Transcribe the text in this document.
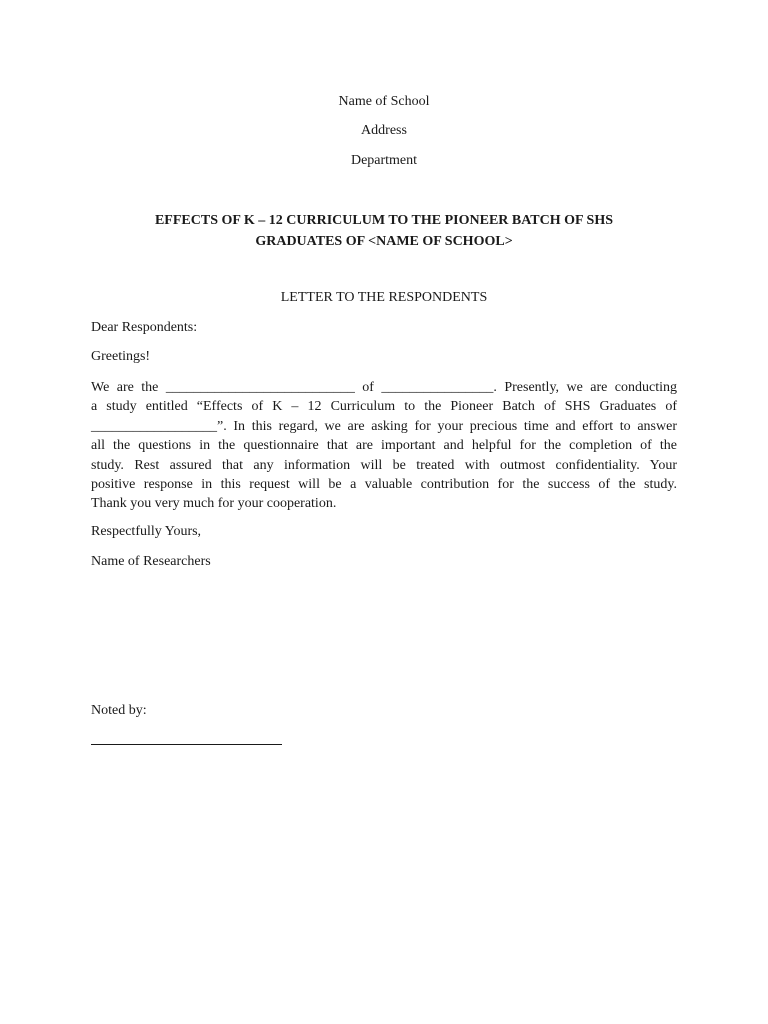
Name of School
Address
Department
EFFECTS OF K – 12 CURRICULUM TO THE PIONEER BATCH OF SHS
GRADUATES OF <NAME OF SCHOOL>
LETTER TO THE RESPONDENTS
Dear Respondents:
Greetings!
We are the ___________________________ of ________________. Presently, we are conducting
a study entitled “Effects of K – 12 Curriculum to the Pioneer Batch of SHS Graduates of
__________________”. In this regard, we are asking for your precious time and effort to answer
all the questions in the questionnaire that are important and helpful for the completion of the
study. Rest assured that any information will be treated with outmost confidentiality. Your
positive response in this request will be a valuable contribution for the success of the study.
Thank you very much for your cooperation.
Respectfully Yours,
Name of Researchers
Noted by:
